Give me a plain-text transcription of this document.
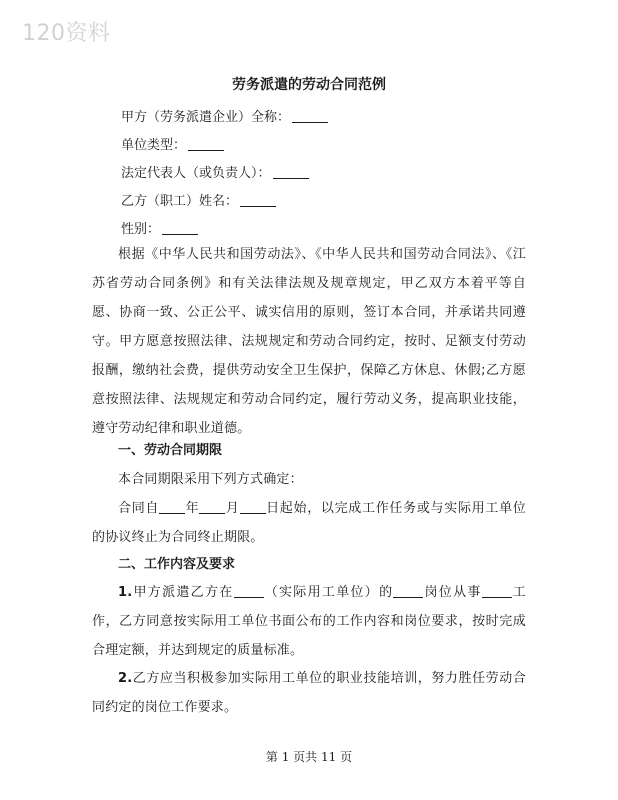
120资料
劳务派遣的劳动合同范例
甲方（劳务派遣企业）全称：
单位类型：
法定代表人（或负责人）：
乙方（职工）姓名：
性别：
根据《中华人民共和国劳动法》、《中华人民共和国劳动合同法》、《江苏省劳动合同条例》和有关法律法规及规章规定，甲乙双方本着平等自愿、协商一致、公正公平、诚实信用的原则，签订本合同，并承诺共同遵守。甲方愿意按照法律、法规规定和劳动合同约定，按时、足额支付劳动报酬，缴纳社会费，提供劳动安全卫生保护，保障乙方休息、休假;乙方愿意按照法律、法规规定和劳动合同约定，履行劳动义务，提高职业技能，遵守劳动纪律和职业道德。
一、劳动合同期限
本合同期限采用下列方式确定：
合同自 年 月 日起始，以完成工作任务或与实际用工单位的协议终止为合同终止期限。
二、工作内容及要求
1.甲方派遣乙方在 （实际用工单位）的 岗位从事 工作，乙方同意按实际用工单位书面公布的工作内容和岗位要求，按时完成合理定额，并达到规定的质量标准。
2.乙方应当积极参加实际用工单位的职业技能培训，努力胜任劳动合同约定的岗位工作要求。
第 1 页共 11 页
